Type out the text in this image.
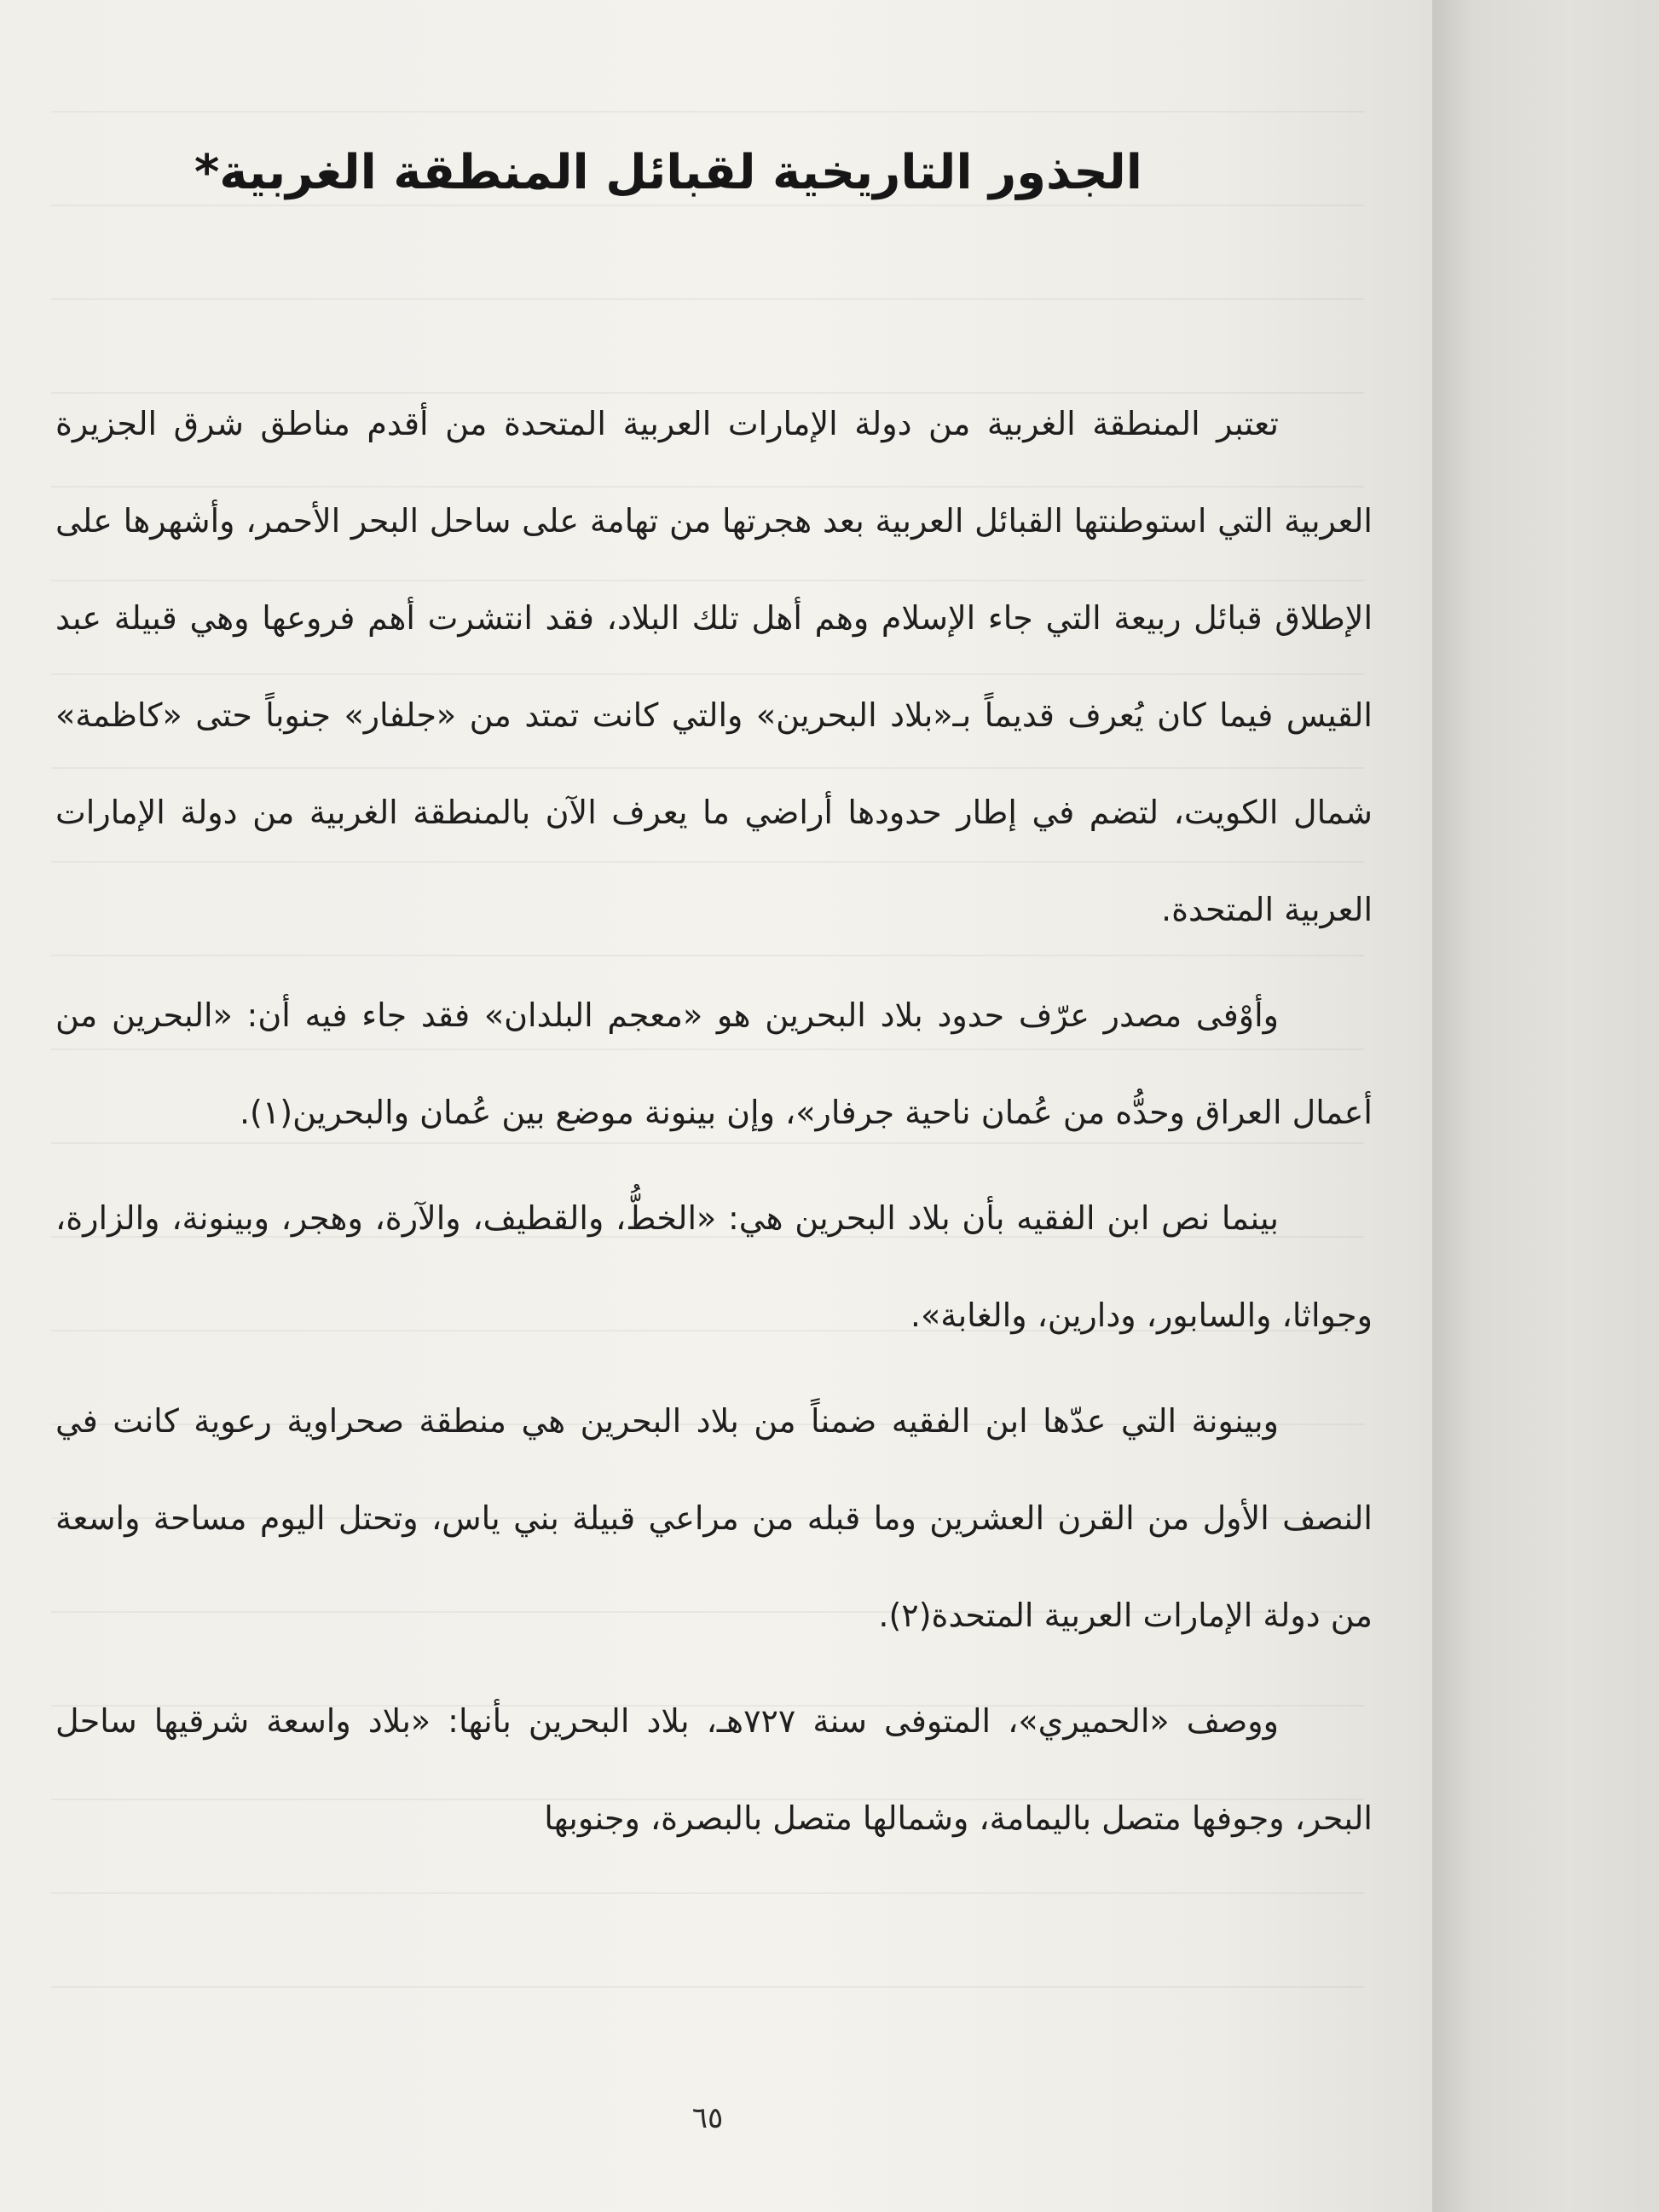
الجذور التاريخية لقبائل المنطقة الغربية*

تعتبر المنطقة الغربية من دولة الإمارات العربية المتحدة من أقدم مناطق شرق الجزيرة العربية التي استوطنتها القبائل العربية بعد هجرتها من تهامة على ساحل البحر الأحمر، وأشهرها على الإطلاق قبائل ربيعة التي جاء الإسلام وهم أهل تلك البلاد، فقد انتشرت أهم فروعها وهي قبيلة عبد القيس فيما كان يُعرف قديماً بـ«بلاد البحرين» والتي كانت تمتد من «جلفار» جنوباً حتى «كاظمة» شمال الكويت، لتضم في إطار حدودها أراضي ما يعرف الآن بالمنطقة الغربية من دولة الإمارات العربية المتحدة.

وأوْفى مصدر عرّف حدود بلاد البحرين هو «معجم البلدان» فقد جاء فيه أن: «البحرين من أعمال العراق وحدُّه من عُمان ناحية جرفار»، وإن بينونة موضع بين عُمان والبحرين(١).

بينما نص ابن الفقيه بأن بلاد البحرين هي: «الخطُّ، والقطيف، والآرة، وهجر، وبينونة، والزارة، وجواثا، والسابور، ودارين، والغابة».

وبينونة التي عدّها ابن الفقيه ضمناً من بلاد البحرين هي منطقة صحراوية رعوية كانت في النصف الأول من القرن العشرين وما قبله من مراعي قبيلة بني ياس، وتحتل اليوم مساحة واسعة من دولة الإمارات العربية المتحدة(٢).

ووصف «الحميري»، المتوفى سنة ٧٢٧هـ، بلاد البحرين بأنها: «بلاد واسعة شرقيها ساحل البحر، وجوفها متصل باليمامة، وشمالها متصل بالبصرة، وجنوبها

٦٥
